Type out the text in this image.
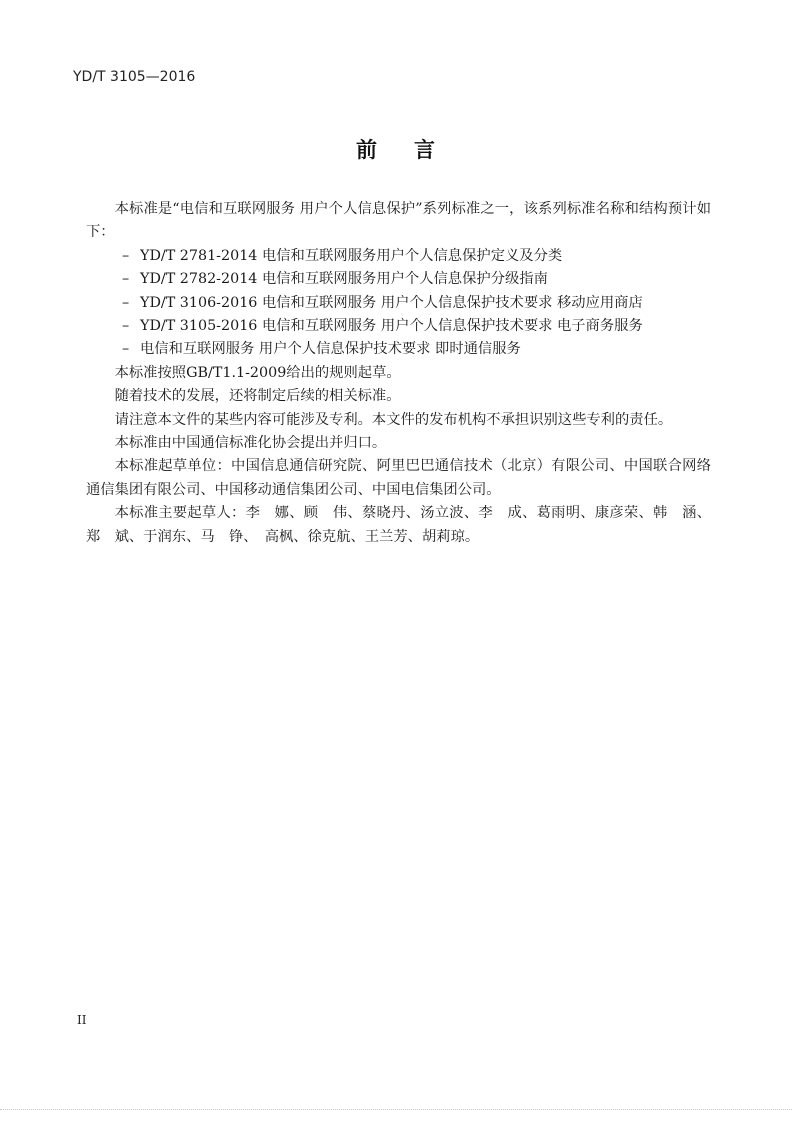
YD/T 3105—2016
前 言

本标准是“电信和互联网服务 用户个人信息保护”系列标准之一，该系列标准名称和结构预计如下：

– YD/T 2781-2014 电信和互联网服务用户个人信息保护定义及分类

– YD/T 2782-2014 电信和互联网服务用户个人信息保护分级指南

– YD/T 3106-2016 电信和互联网服务 用户个人信息保护技术要求 移动应用商店

– YD/T 3105-2016 电信和互联网服务 用户个人信息保护技术要求 电子商务服务

– 电信和互联网服务 用户个人信息保护技术要求 即时通信服务

本标准按照GB/T1.1-2009给出的规则起草。

随着技术的发展，还将制定后续的相关标准。

请注意本文件的某些内容可能涉及专利。本文件的发布机构不承担识别这些专利的责任。

本标准由中国通信标准化协会提出并归口。

本标准起草单位：中国信息通信研究院、阿里巴巴通信技术（北京）有限公司、中国联合网络通信集团有限公司、中国移动通信集团公司、中国电信集团公司。

本标准主要起草人：李　娜、顾　伟、蔡晓丹、汤立波、李　成、葛雨明、康彦荣、韩　涵、郑　斌、于润东、马　铮、　高枫、徐克航、王兰芳、胡莉琼。

II
